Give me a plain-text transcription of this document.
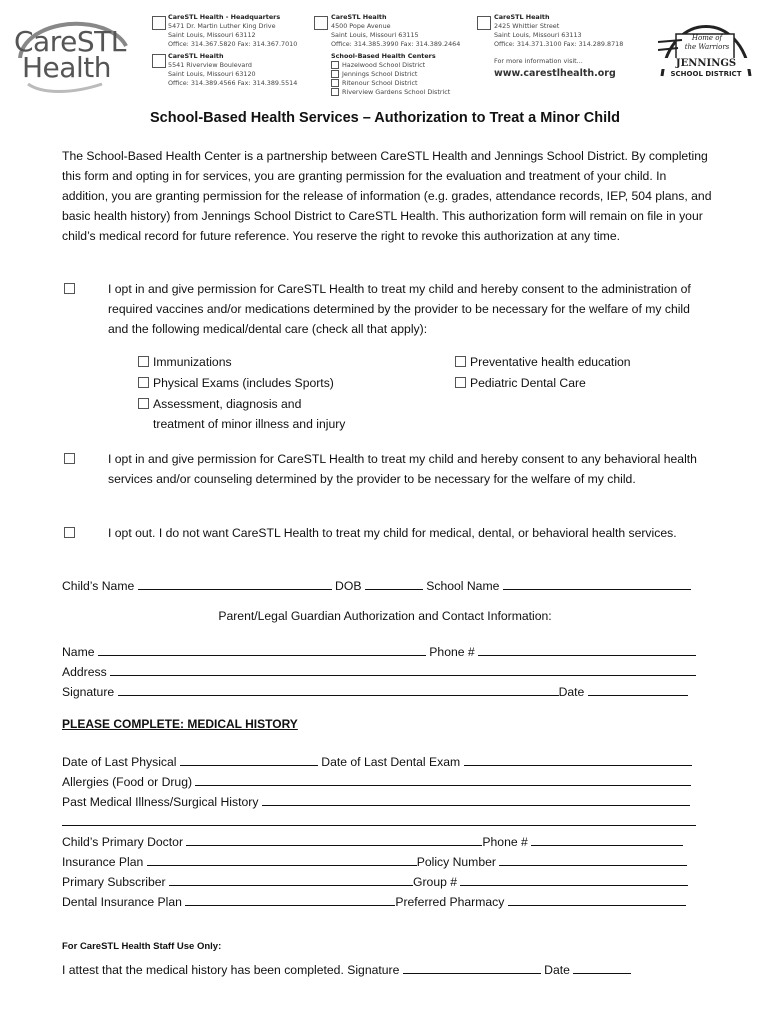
CareSTL
Health
CareSTL Health - Headquarters
5471 Dr. Martin Luther King Drive
Saint Louis, Missouri 63112
Office: 314.367.5820 Fax: 314.367.7010
CareSTL Health
4500 Pope Avenue
Saint Louis, Missouri 63115
Office: 314.385.3990 Fax: 314.389.2464
CareSTL Health
2425 Whittier Street
Saint Louis, Missouri 63113
Office: 314.371.3100 Fax: 314.289.8718
CareSTL Health
5541 Riverview Boulevard
Saint Louis, Missouri 63120
Office: 314.389.4566 Fax: 314.389.5514
School-Based Health Centers
Hazelwood School District
Jennings School District
Ritenour School District
Riverview Gardens School District
For more information visit...
www.carestlhealth.org
Home of
the Warriors
JENNINGS
SCHOOL DISTRICT
School-Based Health Services – Authorization to Treat a Minor Child
The School-Based Health Center is a partnership between CareSTL Health and Jennings School District. By completing this form and opting in for services, you are granting permission for the evaluation and treatment of your child. In addition, you are granting permission for the release of information (e.g. grades, attendance records, IEP, 504 plans, and basic health history) from Jennings School District to CareSTL Health. This authorization form will remain on file in your child’s medical record for future reference. You reserve the right to revoke this authorization at any time.
I opt in and give permission for CareSTL Health to treat my child and hereby consent to the administration of required vaccines and/or medications determined by the provider to be necessary for the welfare of my child and the following medical/dental care (check all that apply):
Immunizations
Physical Exams (includes Sports)
Assessment, diagnosis and
treatment of minor illness and injury
Preventative health education
Pediatric Dental Care
I opt in and give permission for CareSTL Health to treat my child and hereby consent to any behavioral health services and/or counseling determined by the provider to be necessary for the welfare of my child.
I opt out. I do not want CareSTL Health to treat my child for medical, dental, or behavioral health services.
Child’s Name	DOB	School Name
Parent/Legal Guardian Authorization and Contact Information:
Name	Phone #
Address
Signature	Date
PLEASE COMPLETE: MEDICAL HISTORY
Date of Last Physical	Date of Last Dental Exam
Allergies (Food or Drug)
Past Medical Illness/Surgical History
Child’s Primary Doctor	Phone #
Insurance Plan	Policy Number
Primary Subscriber	Group #
Dental Insurance Plan	Preferred Pharmacy
For CareSTL Health Staff Use Only:
I attest that the medical history has been completed. Signature	Date
